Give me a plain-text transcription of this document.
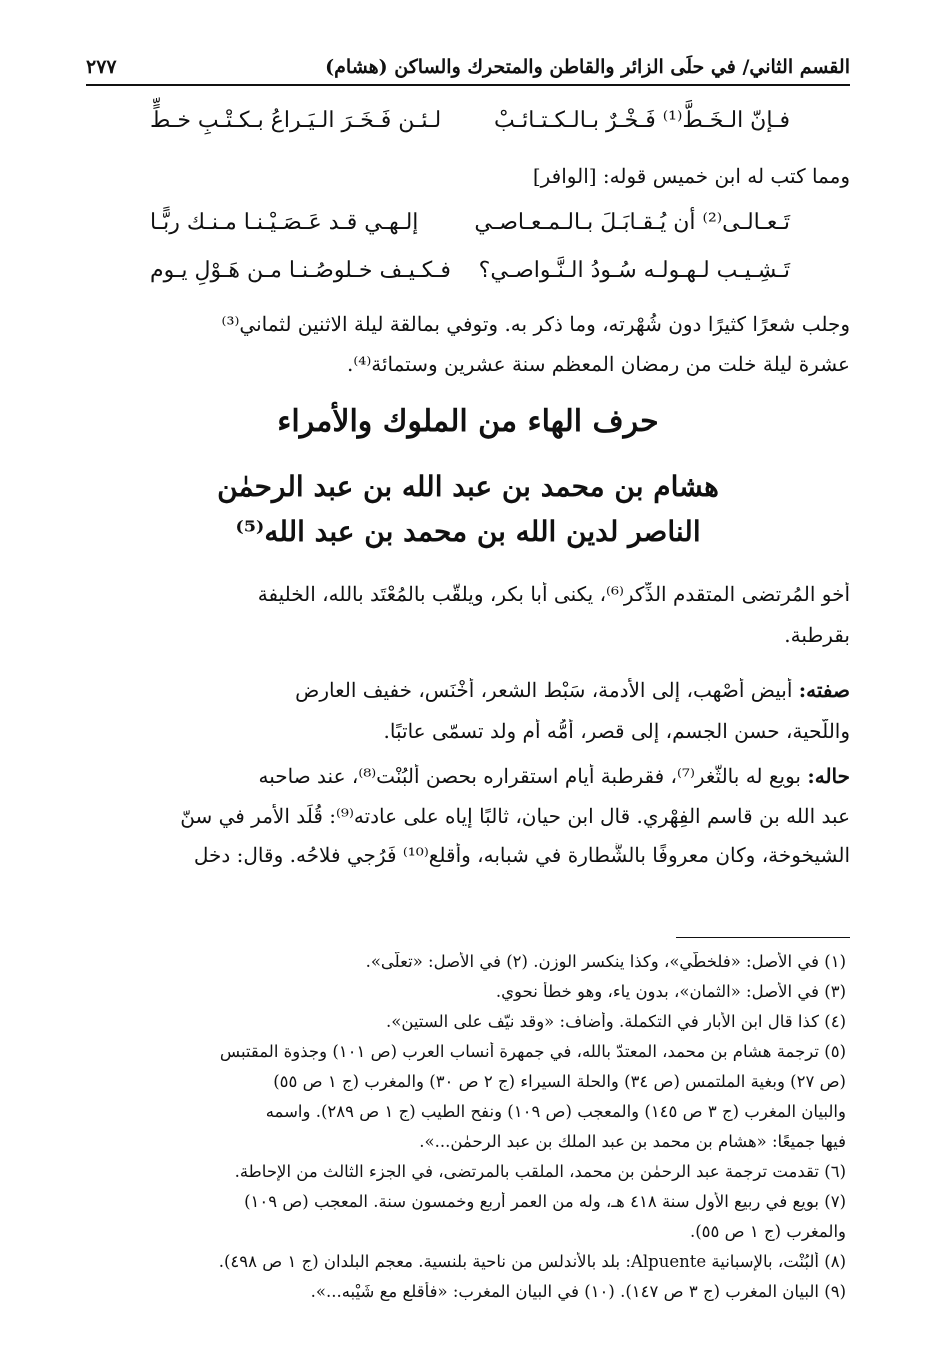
القسم الثاني/ في حلَى الزائر والقاطن والمتحرك والساكن (هشام)
٢٧٧
لـئـن فَـخَـرَ الـيَـراعُ بـكـتْـبِ خـطٍّ فـإنّ الـخَـطَّ⁽¹⁾ فَـخْـرٌ بـالـكـتـائـبْ
ومما كتب له ابن خميس قوله: [الوافر]
إلـهـي قـد عَـصَـيْـنـا مـنـك ربًّـا	تَـعـالـى⁽²⁾ أن يُـقـابَـلَ بـالـمـعـاصـي
فـكـيـف خـلوصُـنـا مـن هَـوْلِ يـوم تَـشِـيـب لـهـولـه سُـودُ الـنَّـواصـي؟
وجلب شعرًا كثيرًا دون شُهْرته، وما ذكر به. وتوفي بمالقة ليلة الاثنين لثماني⁽³⁾
عشرة ليلة خلت من رمضان المعظم سنة عشرين وستمائة⁽⁴⁾.
حرف الهاء من الملوك والأمراء
هشام بن محمد بن عبد الله بن عبد الرحمٰن
الناصر لدين الله بن محمد بن عبد الله⁽⁵⁾
أخو المُرتضى المتقدم الذِّكر⁽⁶⁾، يكنى أبا بكر، ويلقّب بالمُعْتَد بالله، الخليفة
بقرطبة.
صفته: أبيض أصْهب، إلى الأدمة، سَبْط الشعر، أخْنَس، خفيف العارض
واللّحية، حسن الجسم، إلى قصر، أُمُّه أم ولد تسمّى عاتبًا.
حاله: بويع له بالثَّغر⁽⁷⁾، فقرطبة أيام استقراره بحصن ألبُنْت⁽⁸⁾، عند صاحبه
عبد الله بن قاسم الفِهْري. قال ابن حيان، ثالبًا إياه على عادته⁽⁹⁾: قُلِّد الأمر في سنّ
الشيخوخة، وكان معروفًا بالشُّطارة في شبابه، وأقلع⁽¹⁰⁾ فَرُجي فلاحُه. وقال: دخل
(١) في الأصل: «فلخطّي»، وكذا ينكسر الوزن. (٢) في الأصل: «تعلّى».
(٣) في الأصل: «الثمان»، بدون ياء، وهو خطأ نحوي.
(٤) كذا قال ابن الأبار في التكملة. وأضاف: «وقد نيّف على الستين».
(٥) ترجمة هشام بن محمد، المعتدّ بالله، في جمهرة أنساب العرب (ص ١٠١) وجذوة المقتبس
(ص ٢٧) وبغية الملتمس (ص ٣٤) والحلة السيراء (ج ٢ ص ٣٠) والمغرب (ج ١ ص ٥٥)
والبيان المغرب (ج ٣ ص ١٤٥) والمعجب (ص ١٠٩) ونفح الطيب (ج ١ ص ٢٨٩). واسمه
فيها جميعًا: «هشام بن محمد بن عبد الملك بن عبد الرحمٰن...».
(٦) تقدمت ترجمة عبد الرحمٰن بن محمد، الملقب بالمرتضى، في الجزء الثالث من الإحاطة.
(٧) بويع في ربيع الأول سنة ٤١٨ هـ، وله من العمر أربع وخمسون سنة. المعجب (ص ١٠٩)
والمغرب (ج ١ ص ٥٥).
(٨) ألبُنْت، بالإسبانية Alpuente: بلد بالأندلس من ناحية بلنسية. معجم البلدان (ج ١ ص ٤٩٨).
(٩) البيان المغرب (ج ٣ ص ١٤٧). (١٠) في البيان المغرب: «فأقلع مع شَيْبه...».
